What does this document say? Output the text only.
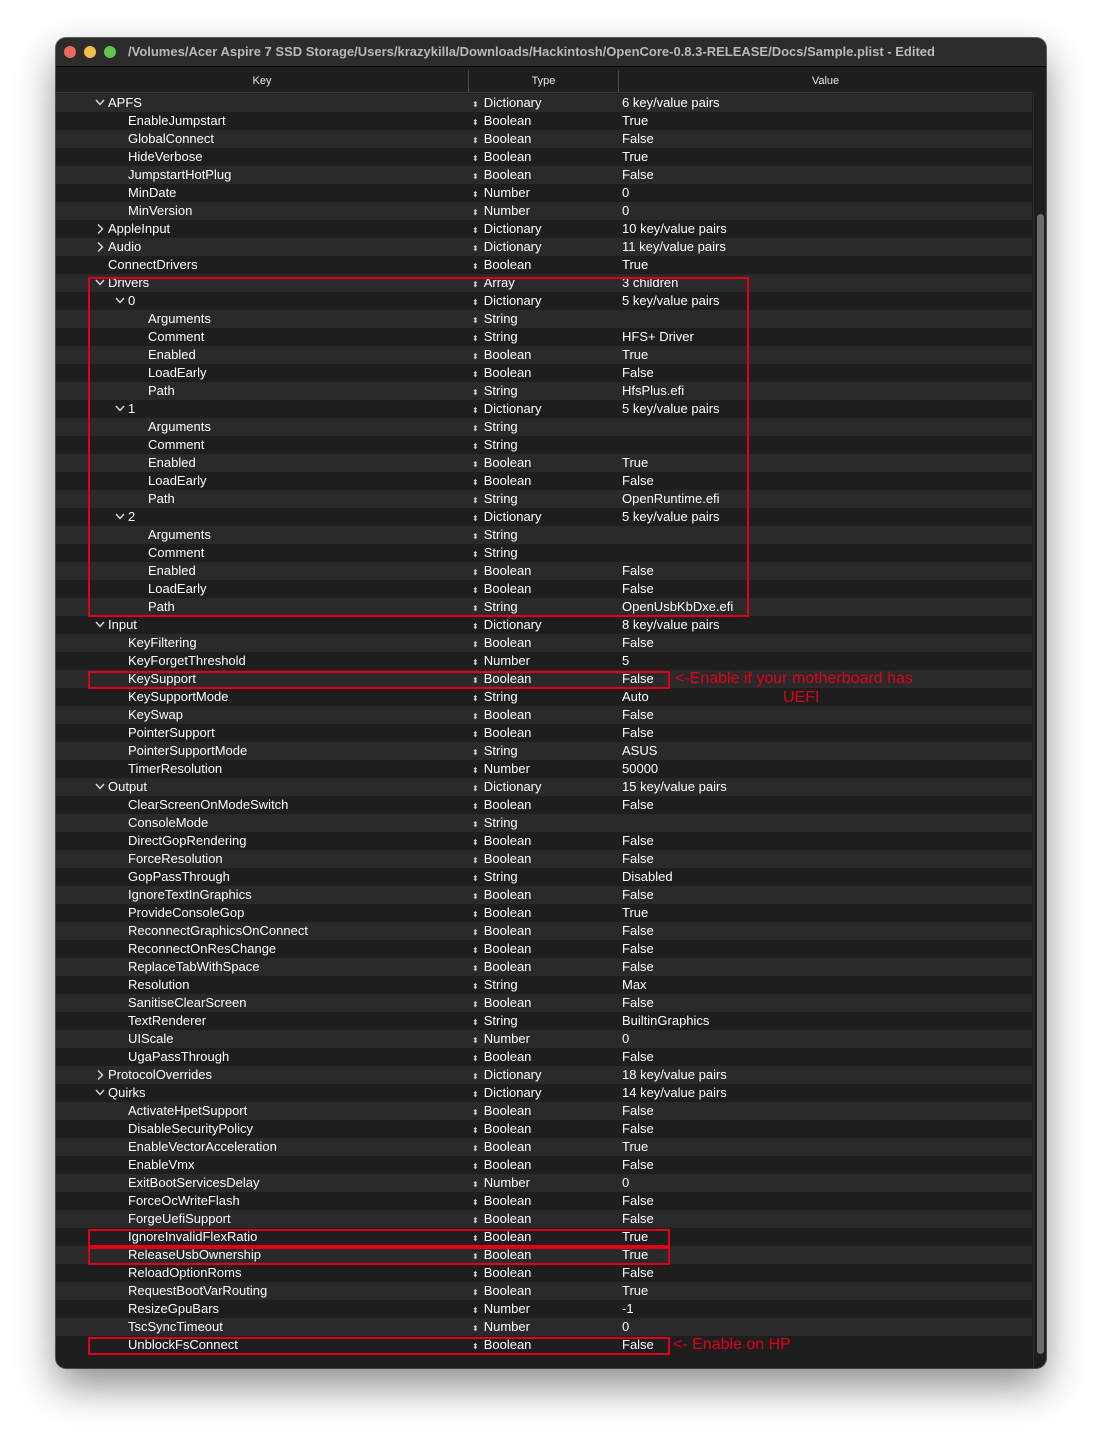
/Volumes/Acer Aspire 7 SSD Storage/Users/krazykilla/Downloads/Hackintosh/OpenCore-0.8.3-RELEASE/Docs/Sample.plist - Edited
Key	Type	Value
APFS	⬍ Dictionary	6 key/value pairs
EnableJumpstart	⬍ Boolean	True
GlobalConnect	⬍ Boolean	False
HideVerbose	⬍ Boolean	True
JumpstartHotPlug	⬍ Boolean	False
MinDate	⬍ Number	0
MinVersion	⬍ Number	0
AppleInput	⬍ Dictionary	10 key/value pairs
Audio	⬍ Dictionary	11 key/value pairs
ConnectDrivers	⬍ Boolean	True
Drivers	⬍ Array	3 children
0	⬍ Dictionary	5 key/value pairs
Arguments	⬍ String
Comment	⬍ String	HFS+ Driver
Enabled	⬍ Boolean	True
LoadEarly	⬍ Boolean	False
Path	⬍ String	HfsPlus.efi
1	⬍ Dictionary	5 key/value pairs
Arguments	⬍ String
Comment	⬍ String
Enabled	⬍ Boolean	True
LoadEarly	⬍ Boolean	False
Path	⬍ String	OpenRuntime.efi
2	⬍ Dictionary	5 key/value pairs
Arguments	⬍ String
Comment	⬍ String
Enabled	⬍ Boolean	False
LoadEarly	⬍ Boolean	False
Path	⬍ String	OpenUsbKbDxe.efi
Input	⬍ Dictionary	8 key/value pairs
KeyFiltering	⬍ Boolean	False
KeyForgetThreshold	⬍ Number	5
KeySupport	⬍ Boolean	False
KeySupportMode	⬍ String	Auto
KeySwap	⬍ Boolean	False
PointerSupport	⬍ Boolean	False
PointerSupportMode	⬍ String	ASUS
TimerResolution	⬍ Number	50000
Output	⬍ Dictionary	15 key/value pairs
ClearScreenOnModeSwitch	⬍ Boolean	False
ConsoleMode	⬍ String
DirectGopRendering	⬍ Boolean	False
ForceResolution	⬍ Boolean	False
GopPassThrough	⬍ String	Disabled
IgnoreTextInGraphics	⬍ Boolean	False
ProvideConsoleGop	⬍ Boolean	True
ReconnectGraphicsOnConnect	⬍ Boolean	False
ReconnectOnResChange	⬍ Boolean	False
ReplaceTabWithSpace	⬍ Boolean	False
Resolution	⬍ String	Max
SanitiseClearScreen	⬍ Boolean	False
TextRenderer	⬍ String	BuiltinGraphics
UIScale	⬍ Number	0
UgaPassThrough	⬍ Boolean	False
ProtocolOverrides	⬍ Dictionary	18 key/value pairs
Quirks	⬍ Dictionary	14 key/value pairs
ActivateHpetSupport	⬍ Boolean	False
DisableSecurityPolicy	⬍ Boolean	False
EnableVectorAcceleration	⬍ Boolean	True
EnableVmx	⬍ Boolean	False
ExitBootServicesDelay	⬍ Number	0
ForceOcWriteFlash	⬍ Boolean	False
ForgeUefiSupport	⬍ Boolean	False
IgnoreInvalidFlexRatio	⬍ Boolean	True
ReleaseUsbOwnership	⬍ Boolean	True
ReloadOptionRoms	⬍ Boolean	False
RequestBootVarRouting	⬍ Boolean	True
ResizeGpuBars	⬍ Number	-1
TscSyncTimeout	⬍ Number	0
UnblockFsConnect	⬍ Boolean	False
<-Enable if your motherboard has
UEFI
<- Enable on HP
